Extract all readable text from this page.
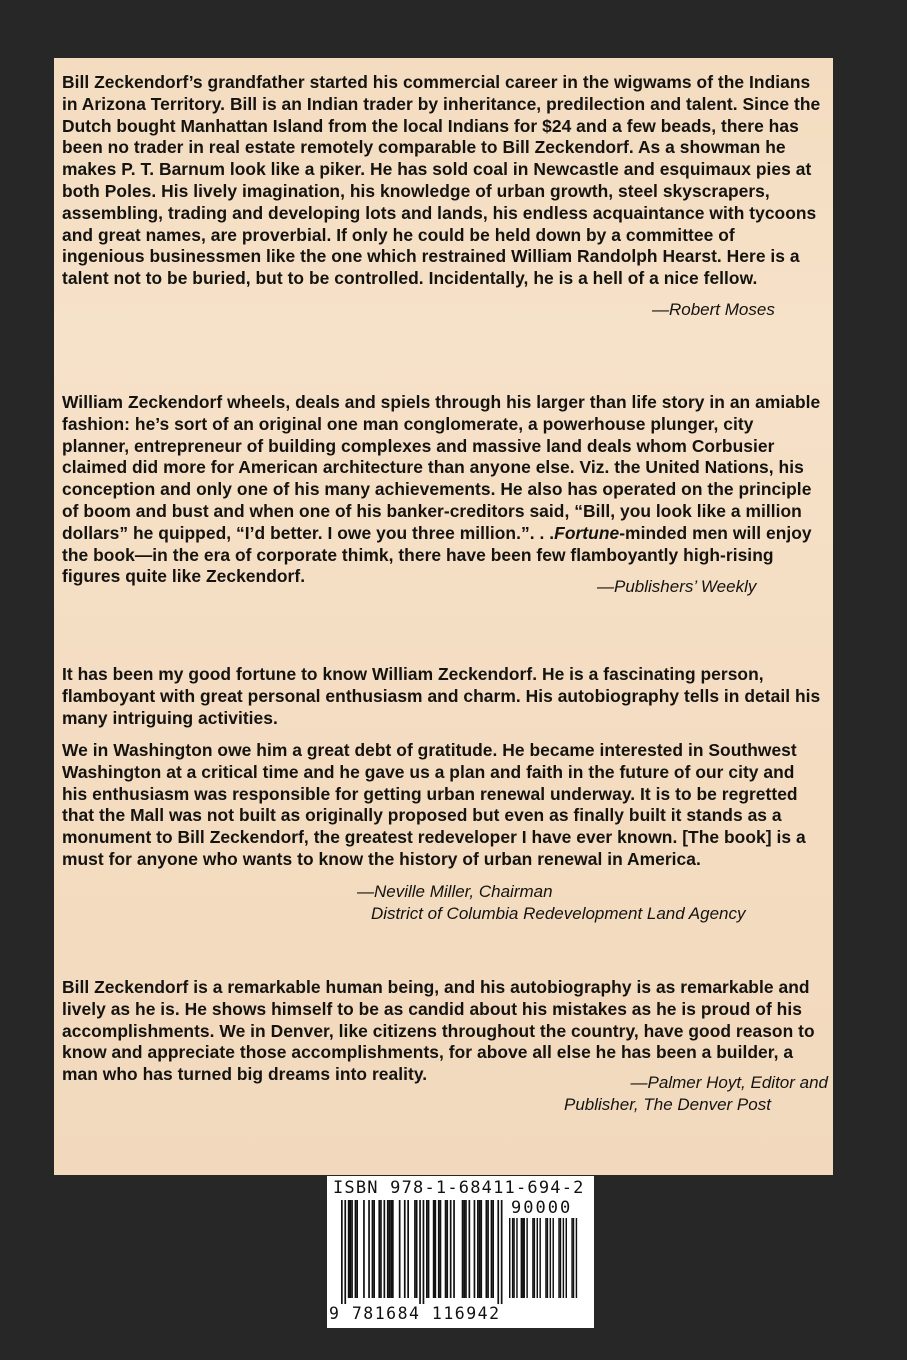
Bill Zeckendorf’s grandfather started his commercial career in the wigwams of the Indians in Arizona Territory. Bill is an Indian trader by inheritance, predilection and talent. Since the Dutch bought Manhattan Island from the local Indians for $24 and a few beads, there has been no trader in real estate remotely comparable to Bill Zeckendorf. As a showman he makes P. T. Barnum look like a piker. He has sold coal in Newcastle and esquimaux pies at both Poles. His lively imagination, his knowledge of urban growth, steel skyscrapers, assembling, trading and developing lots and lands, his endless acquaintance with tycoons and great names, are proverbial. If only he could be held down by a committee of ingenious businessmen like the one which restrained William Randolph Hearst. Here is a talent not to be buried, but to be controlled. Incidentally, he is a hell of a nice fellow.

—Robert Moses

William Zeckendorf wheels, deals and spiels through his larger than life story in an amiable fashion: he’s sort of an original one man conglomerate, a powerhouse plunger, city planner, entrepreneur of building complexes and massive land deals whom Corbusier claimed did more for American architecture than anyone else. Viz. the United Nations, his conception and only one of his many achievements. He also has operated on the principle of boom and bust and when one of his banker-creditors said, “Bill, you look like a million dollars” he quipped, “I’d better. I owe you three million.”. . .Fortune-minded men will enjoy the book—in the era of corporate thimk, there have been few flamboyantly high-rising figures quite like Zeckendorf.

—Publishers’ Weekly

It has been my good fortune to know William Zeckendorf. He is a fascinating person, flamboyant with great personal enthusiasm and charm. His autobiography tells in detail his many intriguing activities.

We in Washington owe him a great debt of gratitude. He became interested in Southwest Washington at a critical time and he gave us a plan and faith in the future of our city and his enthusiasm was responsible for getting urban renewal underway. It is to be regretted that the Mall was not built as originally proposed but even as finally built it stands as a monument to Bill Zeckendorf, the greatest redeveloper I have ever known. [The book] is a must for anyone who wants to know the history of urban renewal in America.

—Neville Miller, Chairman
District of Columbia Redevelopment Land Agency

Bill Zeckendorf is a remarkable human being, and his autobiography is as remarkable and lively as he is. He shows himself to be as candid about his mistakes as he is proud of his accomplishments. We in Denver, like citizens throughout the country, have good reason to know and appreciate those accomplishments, for above all else he has been a builder, a man who has turned big dreams into reality.	—Palmer Hoyt, Editor and
Publisher, The Denver Post
ISBN 978-1-68411-694-2
90000
9 781684 116942
